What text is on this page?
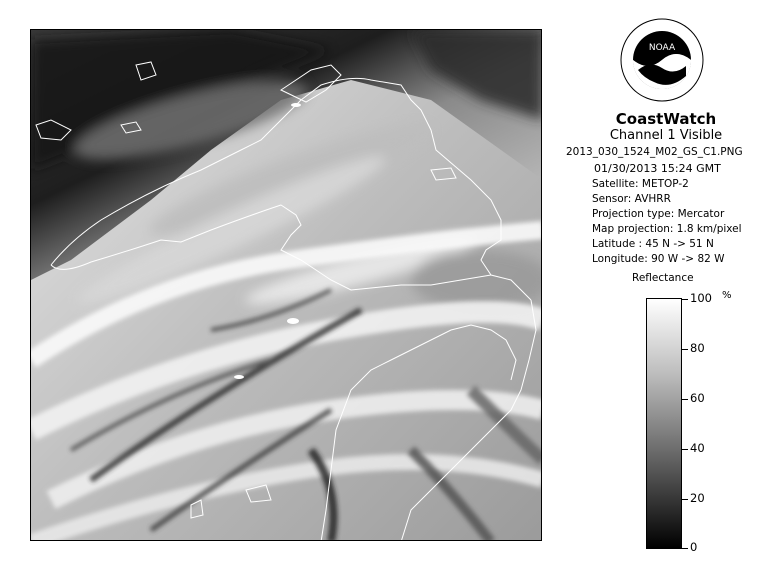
NOAA
CoastWatch
Channel 1 Visible
2013_030_1524_M02_GS_C1.PNG
01/30/2013 15:24 GMT
Satellite: METOP-2
Sensor: AVHRR
Projection type: Mercator
Map projection: 1.8 km/pixel
Latitude : 45 N -> 51 N
Longitude: 90 W -> 82 W
Reflectance
%
100
80
60
40
20
0
